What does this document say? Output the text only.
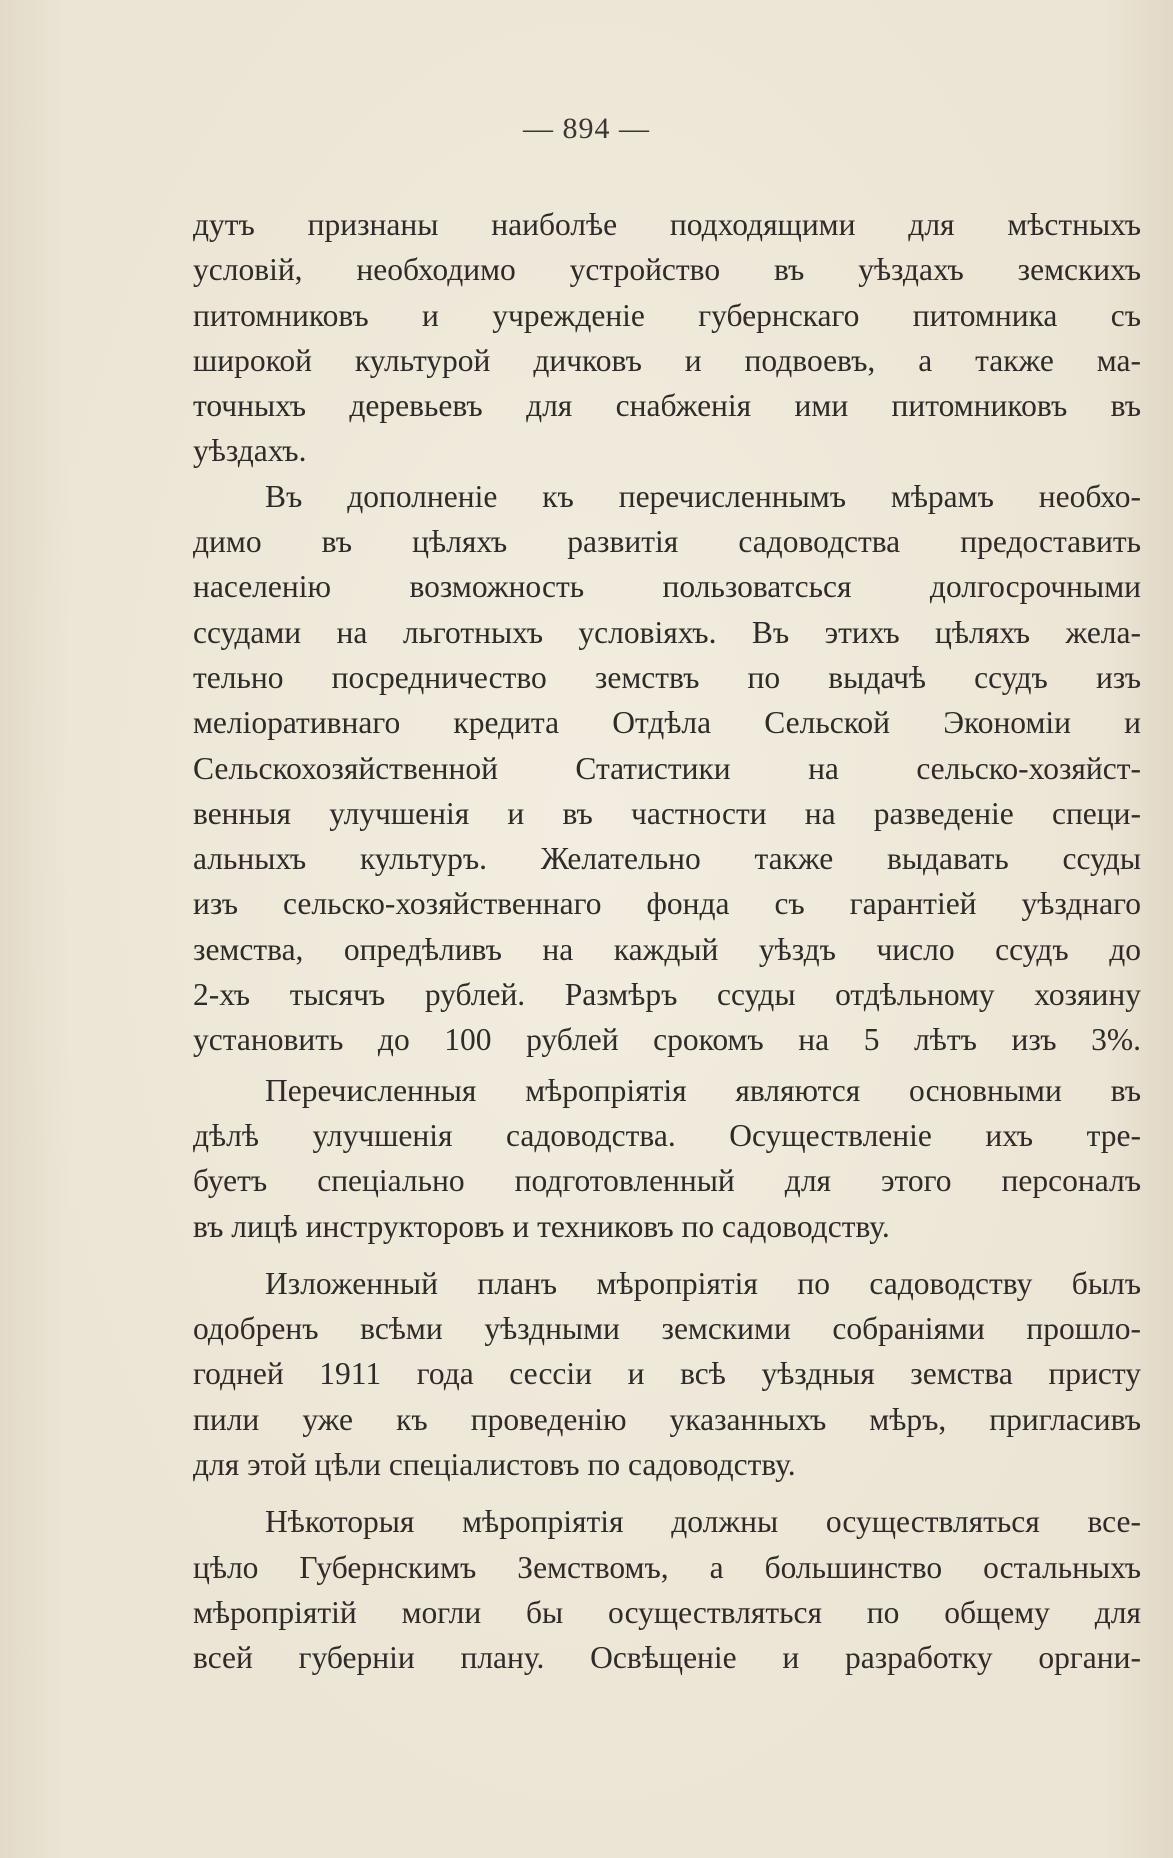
— 894 —
дутъ признаны наиболѣе подходящими для мѣстныхъ
условій, необходимо устройство въ уѣздахъ земскихъ
питомниковъ и учрежденіе губернскаго питомника съ
широкой культурой дичковъ и подвоевъ, а также ма-
точныхъ деревьевъ для снабженія ими питомниковъ въ
уѣздахъ.
Въ дополненіе къ перечисленнымъ мѣрамъ необхо-
димо въ цѣляхъ развитія садоводства предоставить
населенію возможность пользоватсься долгосрочными
ссудами на льготныхъ условіяхъ. Въ этихъ цѣляхъ жела-
тельно посредничество земствъ по выдачѣ ссудъ изъ
меліоративнаго кредита Отдѣла Сельской Экономіи и
Сельскохозяйственной Статистики на сельско-хозяйст-
венныя улучшенія и въ частности на разведеніе специ-
альныхъ культуръ. Желательно также выдавать ссуды
изъ сельско-хозяйственнаго фонда съ гарантіей уѣзднаго
земства, опредѣливъ на каждый уѣздъ число ссудъ до
2-хъ тысячъ рублей. Размѣръ ссуды отдѣльному хозяину
установить до 100 рублей срокомъ на 5 лѣтъ изъ 3%.
Перечисленныя мѣропріятія являются основными въ
дѣлѣ улучшенія садоводства. Осуществленіе ихъ тре-
буетъ спеціально подготовленный для этого персоналъ
въ лицѣ инструкторовъ и техниковъ по садоводству.
Изложенный планъ мѣропріятія по садоводству былъ
одобренъ всѣми уѣздными земскими собраніями прошло-
годней 1911 года сессіи и всѣ уѣздныя земства присту
пили уже къ проведенію указанныхъ мѣръ, пригласивъ
для этой цѣли спеціалистовъ по садоводству.
Нѣкоторыя мѣропріятія должны осуществляться все-
цѣло Губернскимъ Земствомъ, а большинство остальныхъ
мѣропріятій могли бы осуществляться по общему для
всей губерніи плану. Освѣщеніе и разработку органи-
